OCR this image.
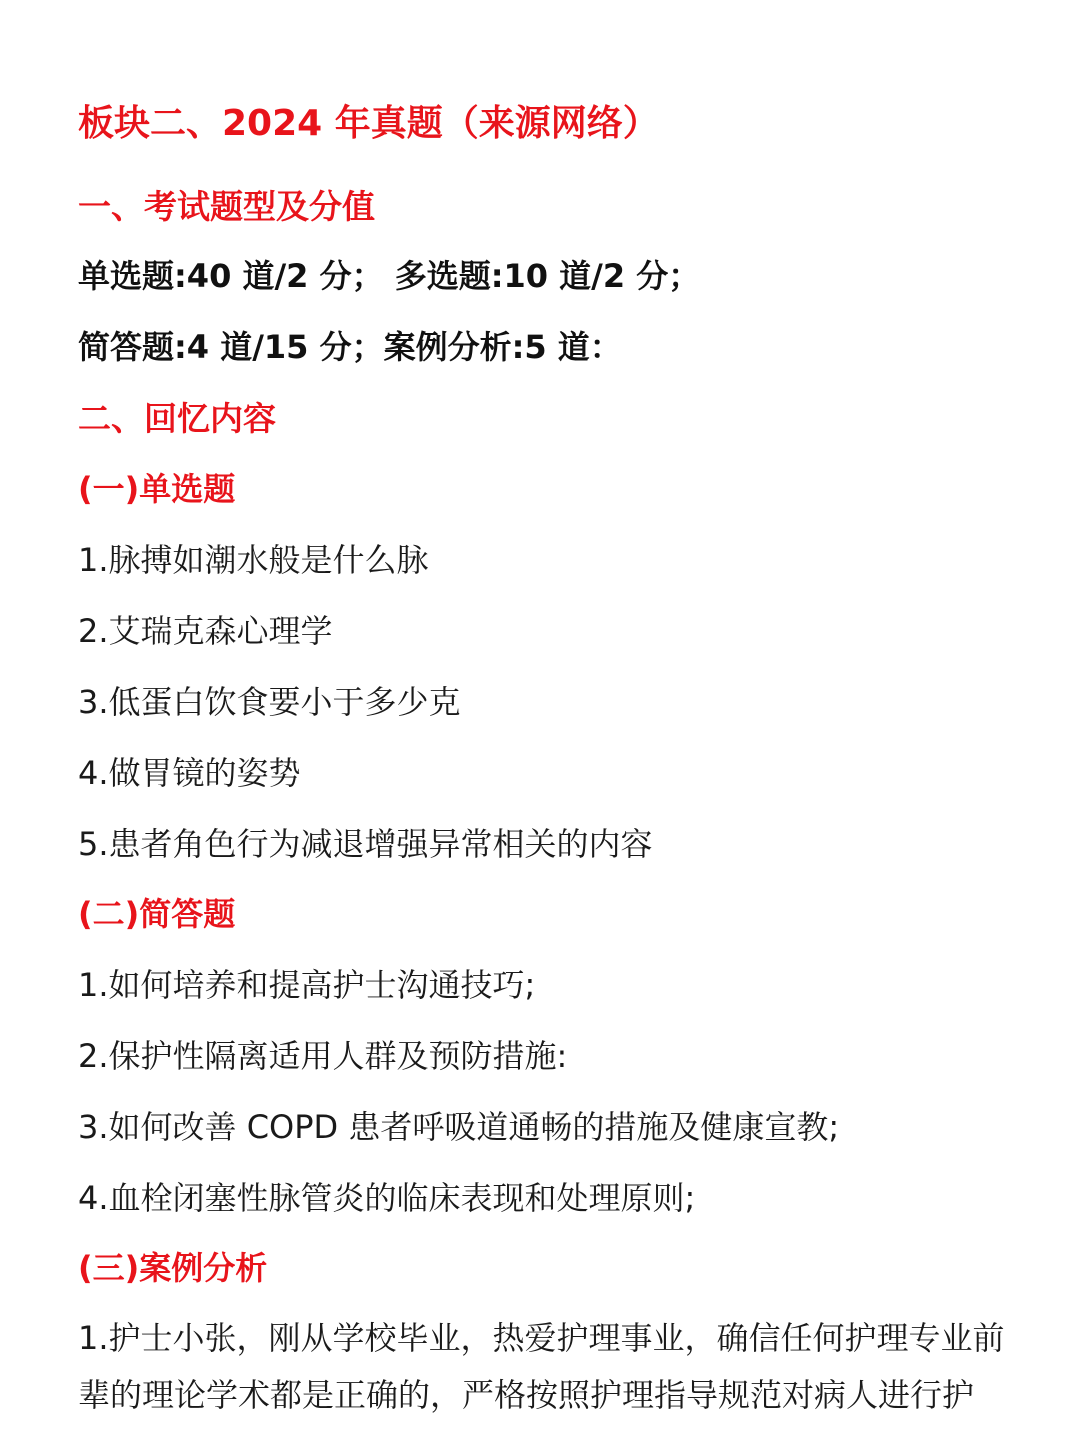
板块二、2024 年真题（来源网络）
一、考试题型及分值
单选题:40 道/2 分； 多选题:10 道/2 分；
简答题:4 道/15 分；案例分析:5 道：
二、回忆内容
(一)单选题
1.脉搏如潮水般是什么脉
2.艾瑞克森心理学
3.低蛋白饮食要小于多少克
4.做胃镜的姿势
5.患者角色行为减退增强异常相关的内容
(二)简答题
1.如何培养和提高护士沟通技巧;
2.保护性隔离适用人群及预防措施:
3.如何改善 COPD 患者呼吸道通畅的措施及健康宣教;
4.血栓闭塞性脉管炎的临床表现和处理原则;
(三)案例分析
1.护士小张，刚从学校毕业，热爱护理事业，确信任何护理专业前
辈的理论学术都是正确的，严格按照护理指导规范对病人进行护
